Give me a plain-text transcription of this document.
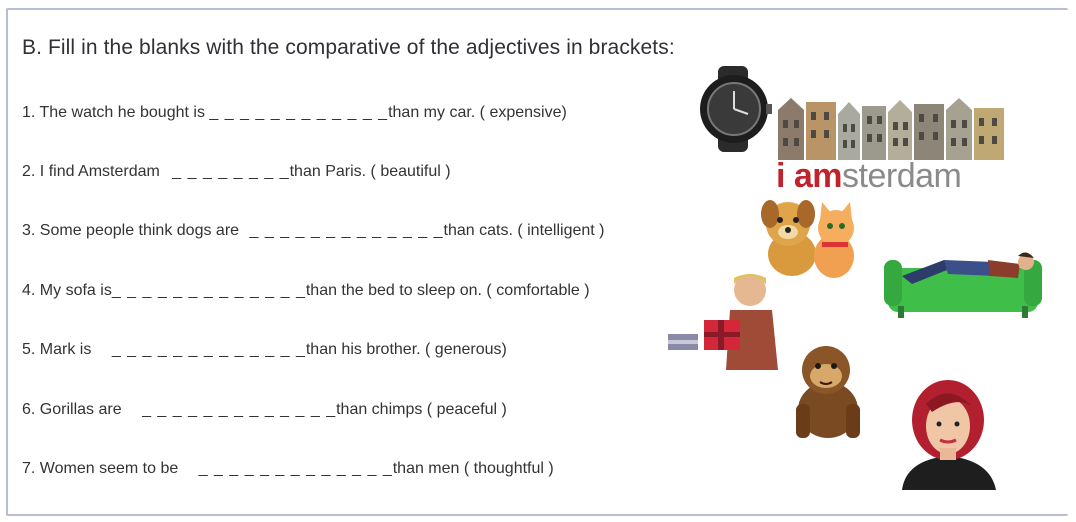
B. Fill in the blanks with the comparative of the adjectives in brackets:
1. The watch he bought is _ _ _ _ _ _ _ _ _ _ _ _than my car. ( expensive)
2. I find Amsterdam _ _ _ _ _ _ _ _than Paris. ( beautiful )
3. Some people think dogs are _ _ _ _ _ _ _ _ _ _ _ _ _than cats. ( intelligent )
4. My sofa is_ _ _ _ _ _ _ _ _ _ _ _ _than the bed to sleep on. ( comfortable )
5. Mark is _ _ _ _ _ _ _ _ _ _ _ _ _than his brother. ( generous)
6. Gorillas are _ _ _ _ _ _ _ _ _ _ _ _ _than chimps ( peaceful )
7. Women seem to be _ _ _ _ _ _ _ _ _ _ _ _ _than men ( thoughtful )
i amsterdam
